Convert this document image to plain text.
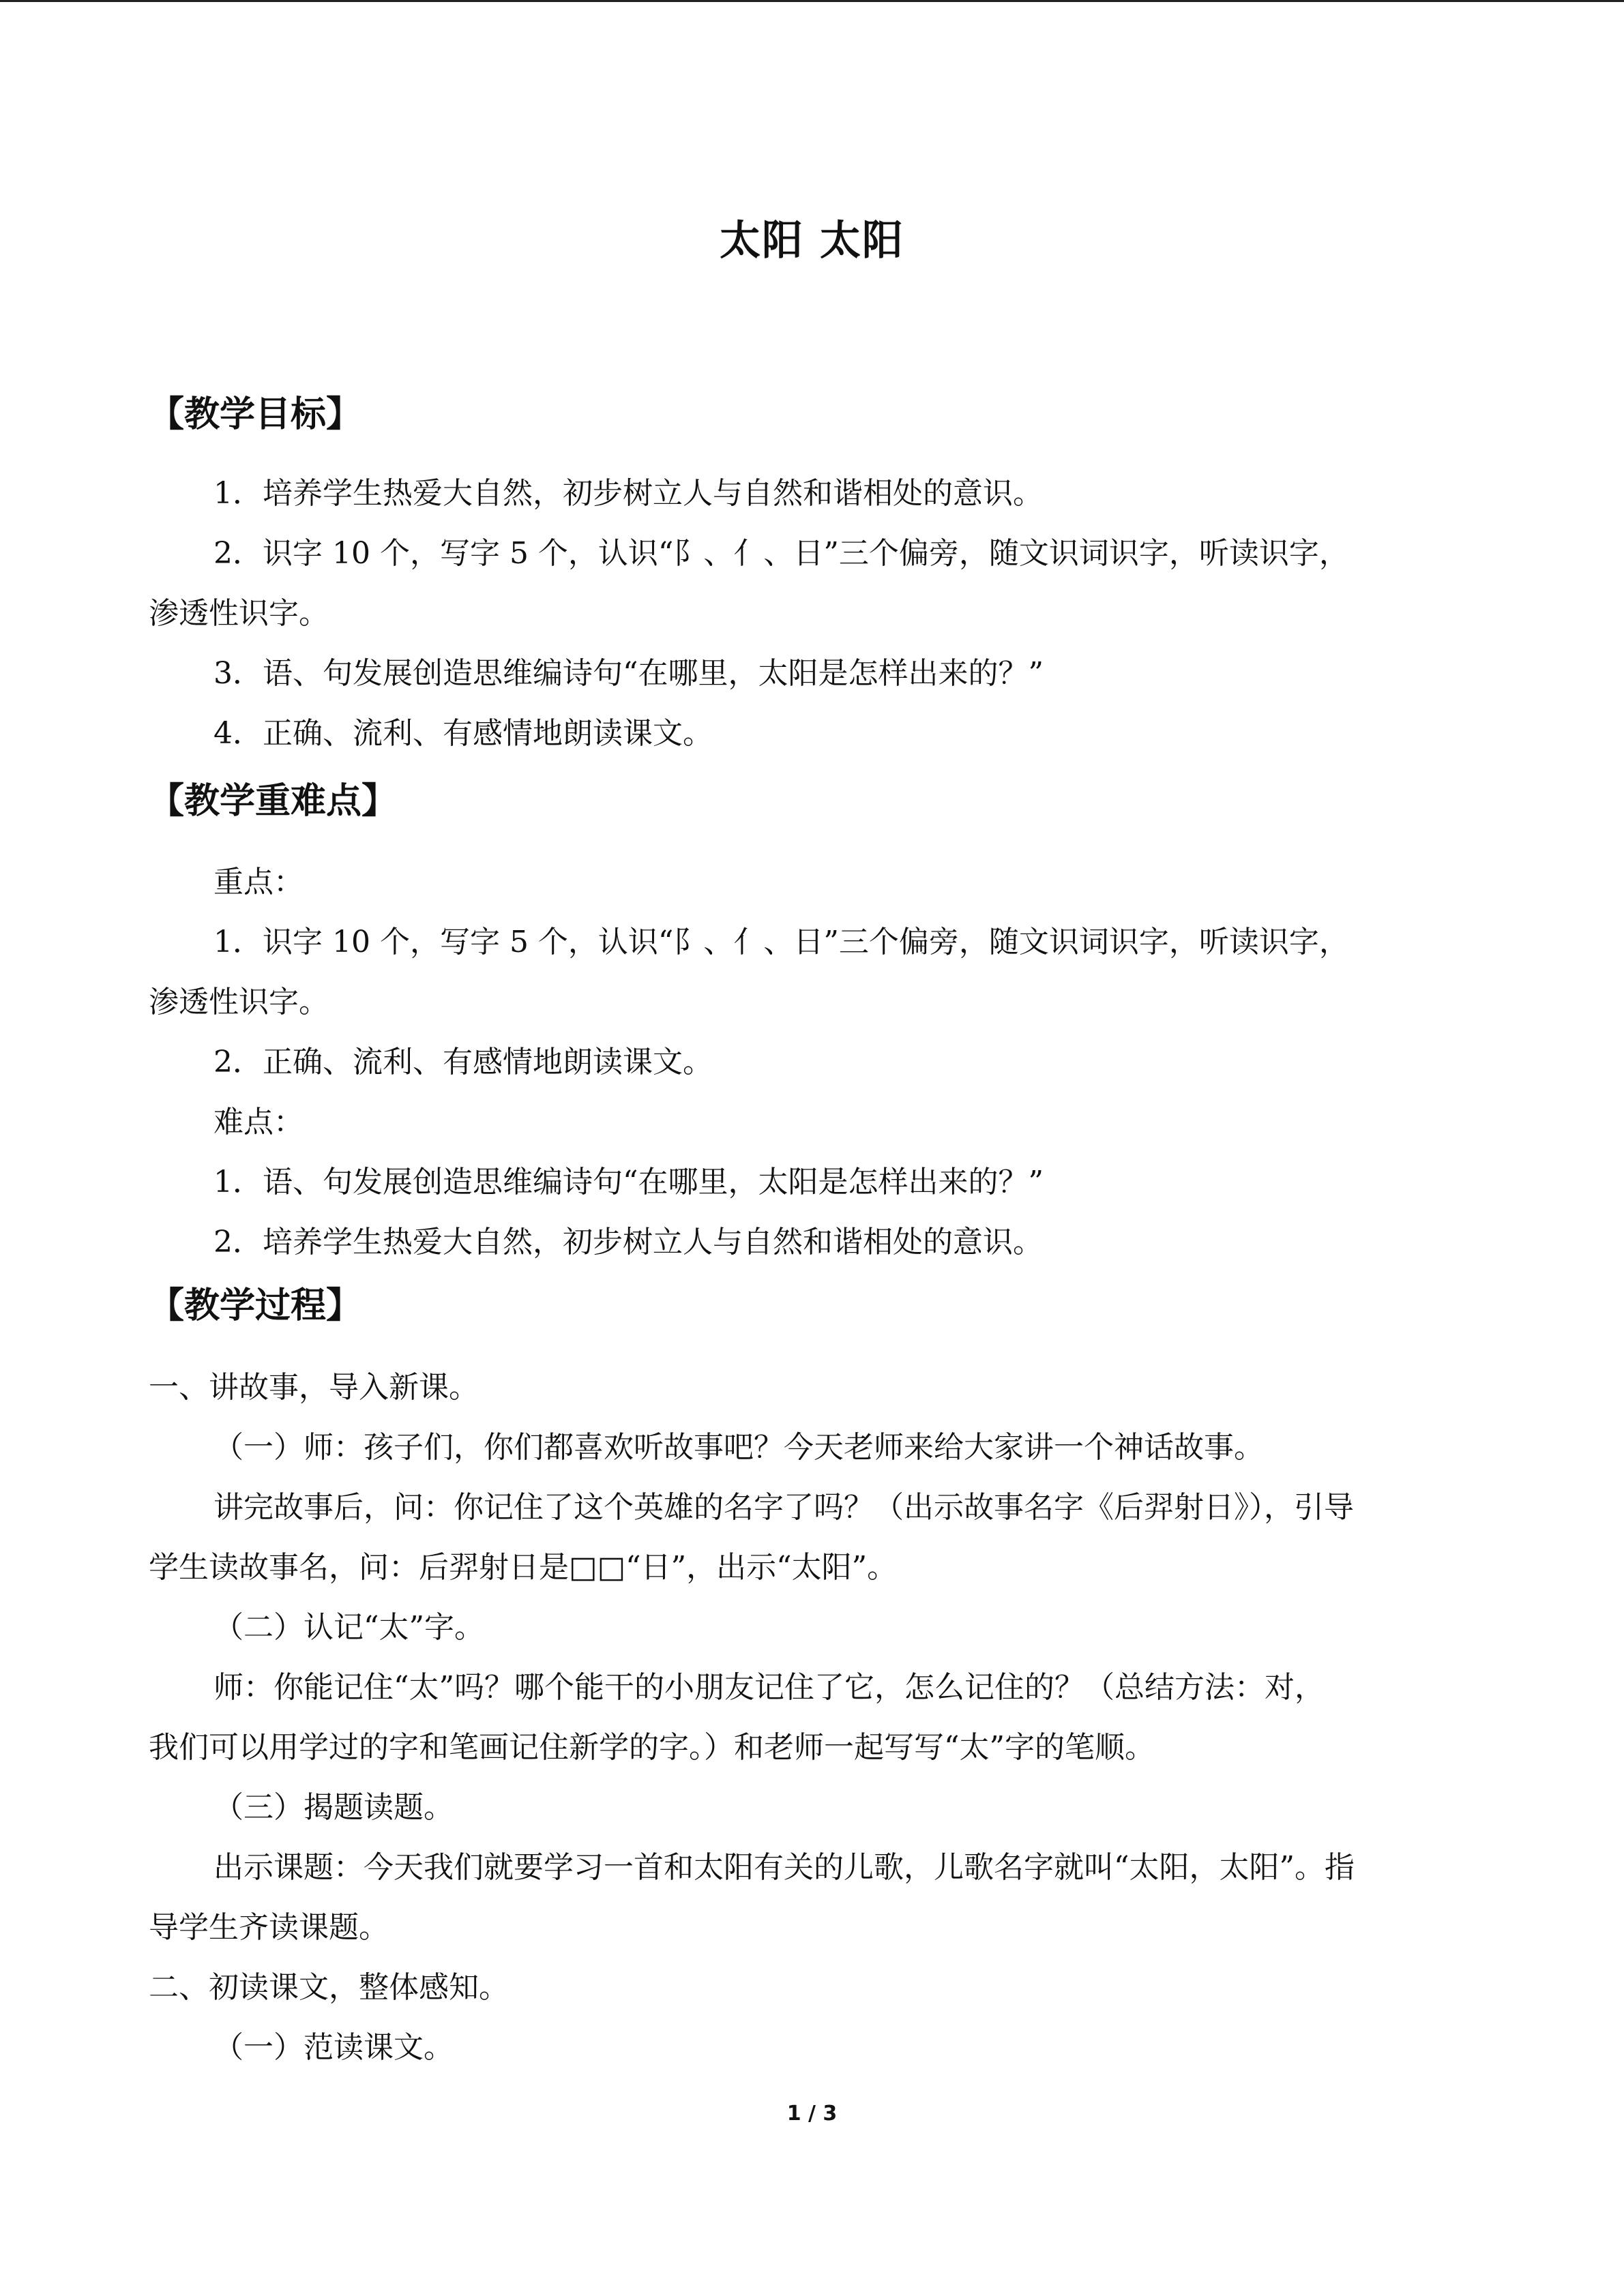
太阳 太阳
【教学目标】
1．培养学生热爱大自然，初步树立人与自然和谐相处的意识。
2．识字 10 个，写字 5 个，认识“阝、亻、日”三个偏旁，随文识词识字，听读识字，
渗透性识字。
3．语、句发展创造思维编诗句“在哪里，太阳是怎样出来的？”
4．正确、流利、有感情地朗读课文。
【教学重难点】
重点：
1．识字 10 个，写字 5 个，认识“阝、亻、日”三个偏旁，随文识词识字，听读识字，
渗透性识字。
2．正确、流利、有感情地朗读课文。
难点：
1．语、句发展创造思维编诗句“在哪里，太阳是怎样出来的？”
2．培养学生热爱大自然，初步树立人与自然和谐相处的意识。
【教学过程】
一、讲故事，导入新课。
（一）师：孩子们，你们都喜欢听故事吧？今天老师来给大家讲一个神话故事。
讲完故事后，问：你记住了这个英雄的名字了吗？（出示故事名字《后羿射日》），引导
学生读故事名，问：后羿射日是□□“日”，出示“太阳”。
（二）认记“太”字。
师：你能记住“太”吗？哪个能干的小朋友记住了它，怎么记住的？（总结方法：对，
我们可以用学过的字和笔画记住新学的字。）和老师一起写写“太”字的笔顺。
（三）揭题读题。
出示课题：今天我们就要学习一首和太阳有关的儿歌，儿歌名字就叫“太阳，太阳”。指
导学生齐读课题。
二、初读课文，整体感知。
（一）范读课文。
1 / 3
